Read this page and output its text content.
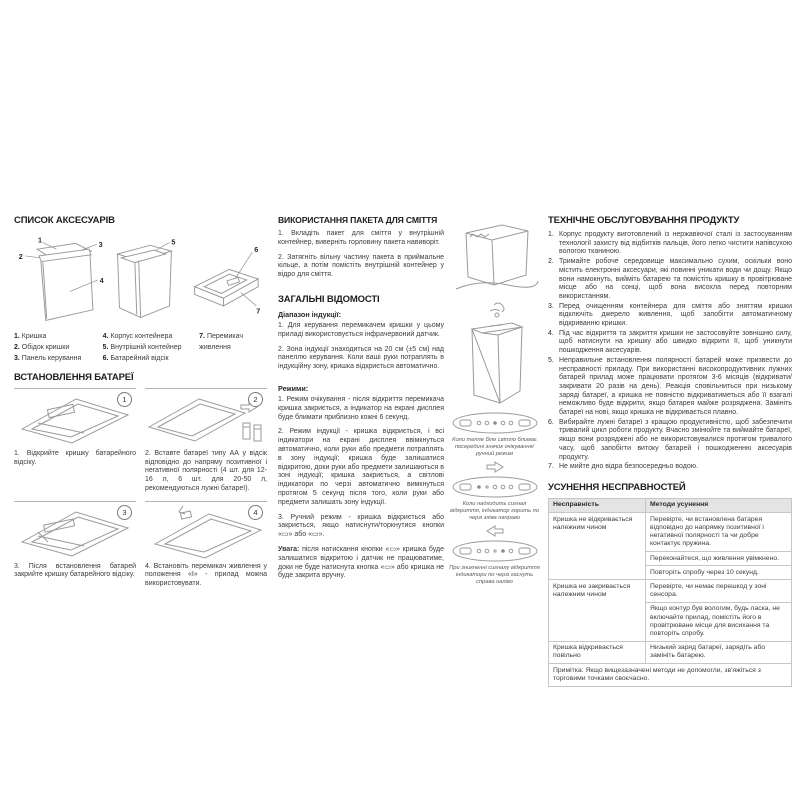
СПИСОК АКСЕСУАРІВ
1
2
3
4
5
6
7
1. Кришка
2. Обідок кришки
3. Панель керування
4. Корпус контейнера
5. Внутрішній контейнер
6. Батарейний відсік
7. Перемикач живлення
ВСТАНОВЛЕННЯ БАТАРЕЇ
1
1. Відкрийте кришку батарейного відсіку.
2
2. Вставте батареї типу АА у відсік відповідно до напряму позитивної і негативної полярності (4 шт. для 12-16 л, 6 шт. для 20-50 л, рекомендуються лужні батареї).
3
3. Після встановлення батарей закрийте кришку батарейного відсіку.
4
4. Встановіть перемикач живлення у положення «І» - прилад можна використовувати.
ВИКОРИСТАННЯ ПАКЕТА ДЛЯ СМІТТЯ

1. Вкладіть пакет для сміття у внутрішній контейнер, виверніть горловину пакета навиворіт.

2. Затягніть вільну частину пакета в приймальне кільце, а потім помістіть внутрішній контейнер у відро для сміття.

ЗАГАЛЬНІ ВІДОМОСТІ
Діапазон індукції:

1. Для керування перемикачем кришки у цьому приладі використовується інфрачервоний датчик.

2. Зона індукції знаходиться на 20 см (±5 см) над панеллю керування. Коли ваші руки потраплять в індукційну зону, кришка відкриється автоматично.

Режими:

1. Режим очікування - після відкриття перемикача кришка закриється, а індикатор на екрані дисплея буде блимати приблизно кожні 6 секунд.

2. Режим індукції - кришка відкриється, і всі індикатори на екрані дисплея ввімкнуться автоматично, коли руки або предмети потраплять в зону індукції; кришка буде залишатися відкритою, доки руки або предмети залишаються в зоні індукції; кришка закриється, а світлові індикатори по черзі автоматично вимкнуться протягом 5 секунд після того, коли руки або предмети залишать зону індукції.

3. Ручний режим - кришка відкриється або закриється, якщо натиснути/торкнутися кнопки «▭» або «▭».

Увага: після натискання кнопки «▭» кришка буде залишатися відкритою і датчик не працюватиме, доки не буде натиснута кнопка «▭» або кришка не буде закрита вручну.

Коли тепле біле світло блимає посередині значок очікування/ручний режим
Коли надходить сигнал відкриття, індикатор горить по черзі зліва направо
При зникненні сигналу відкриття індикатори по черзі гаснуть справа наліво
ТЕХНІЧНЕ ОБСЛУГОВУВАННЯ ПРОДУКТУ
1. Корпус продукту виготовлений із нержавіючої сталі із застосуванням технології захисту від відбитків пальців, його легко чистити напівсухою вологою тканиною.
2. Тримайте робоче середовище максимально сухим, оскільки воно містить електронні аксесуари, які повинні уникати води чи дощу. Якщо вони намокнуть, вийміть батарею та помістіть кришку в провітрюване місце або на сонці, щоб вона висохла перед повторним використанням.
3. Перед очищенням контейнера для сміття або зняттям кришки відключіть джерело живлення, щоб запобігти автоматичному відкриванню кришки.
4. Під час відкриття та закриття кришки не застосовуйте зовнішню силу, щоб натиснути на кришку або швидко відкрити її, щоб уникнути пошкодження аксесуарів.
5. Неправильне встановлення полярності батарей може призвести до несправності приладу. При використанні високопродуктивних лужних батарей прилад може працювати протягом 3-6 місяців (відкривати/закривати 20 разів на день). Реакція сповільниться при низькому заряді батареї, а кришка не повністю відкриватиметься або її взагалі неможливо буде відкрити, якщо батарея майже розряджена. Замініть батареї на нові, якщо кришка не відкривається плавно.
6. Вибирайте лужні батареї з кращою продуктивністю, щоб забезпечити тривалий цикл роботи продукту. Вчасно змінюйте та виймайте батареї, якщо вони розряджені або не використовувалися протягом тривалого часу, щоб запобігти витоку батарей і пошкодженню аксесуарів продукту.
7. Не мийте дно відра безпосередньо водою.
УСУНЕННЯ НЕСПРАВНОСТЕЙ
Несправність	Методи усунення
Кришка не відкривається належним чином	Перевірте, чи встановлена батарея відповідно до напрямку позитивної і негативної полярності та чи добре контактує пружина.
	Переконайтеся, що живлення увімкнено.
	Повторіть спробу через 10 секунд.
Кришка не закривається належним чином	Перевірте, чи немає перешкод у зоні сенсора.
	Якщо контур був вологим, будь ласка, не включайте прилад, помістіть його в провітрюване місце для висихання та повторіть спробу.
Кришка відкривається повільно	Низький заряд батареї, зарядіть або замініть батарею.
Примітка: Якщо вищезазначені методи не допомогли, зв'яжіться з торговими точками своєчасно.	
